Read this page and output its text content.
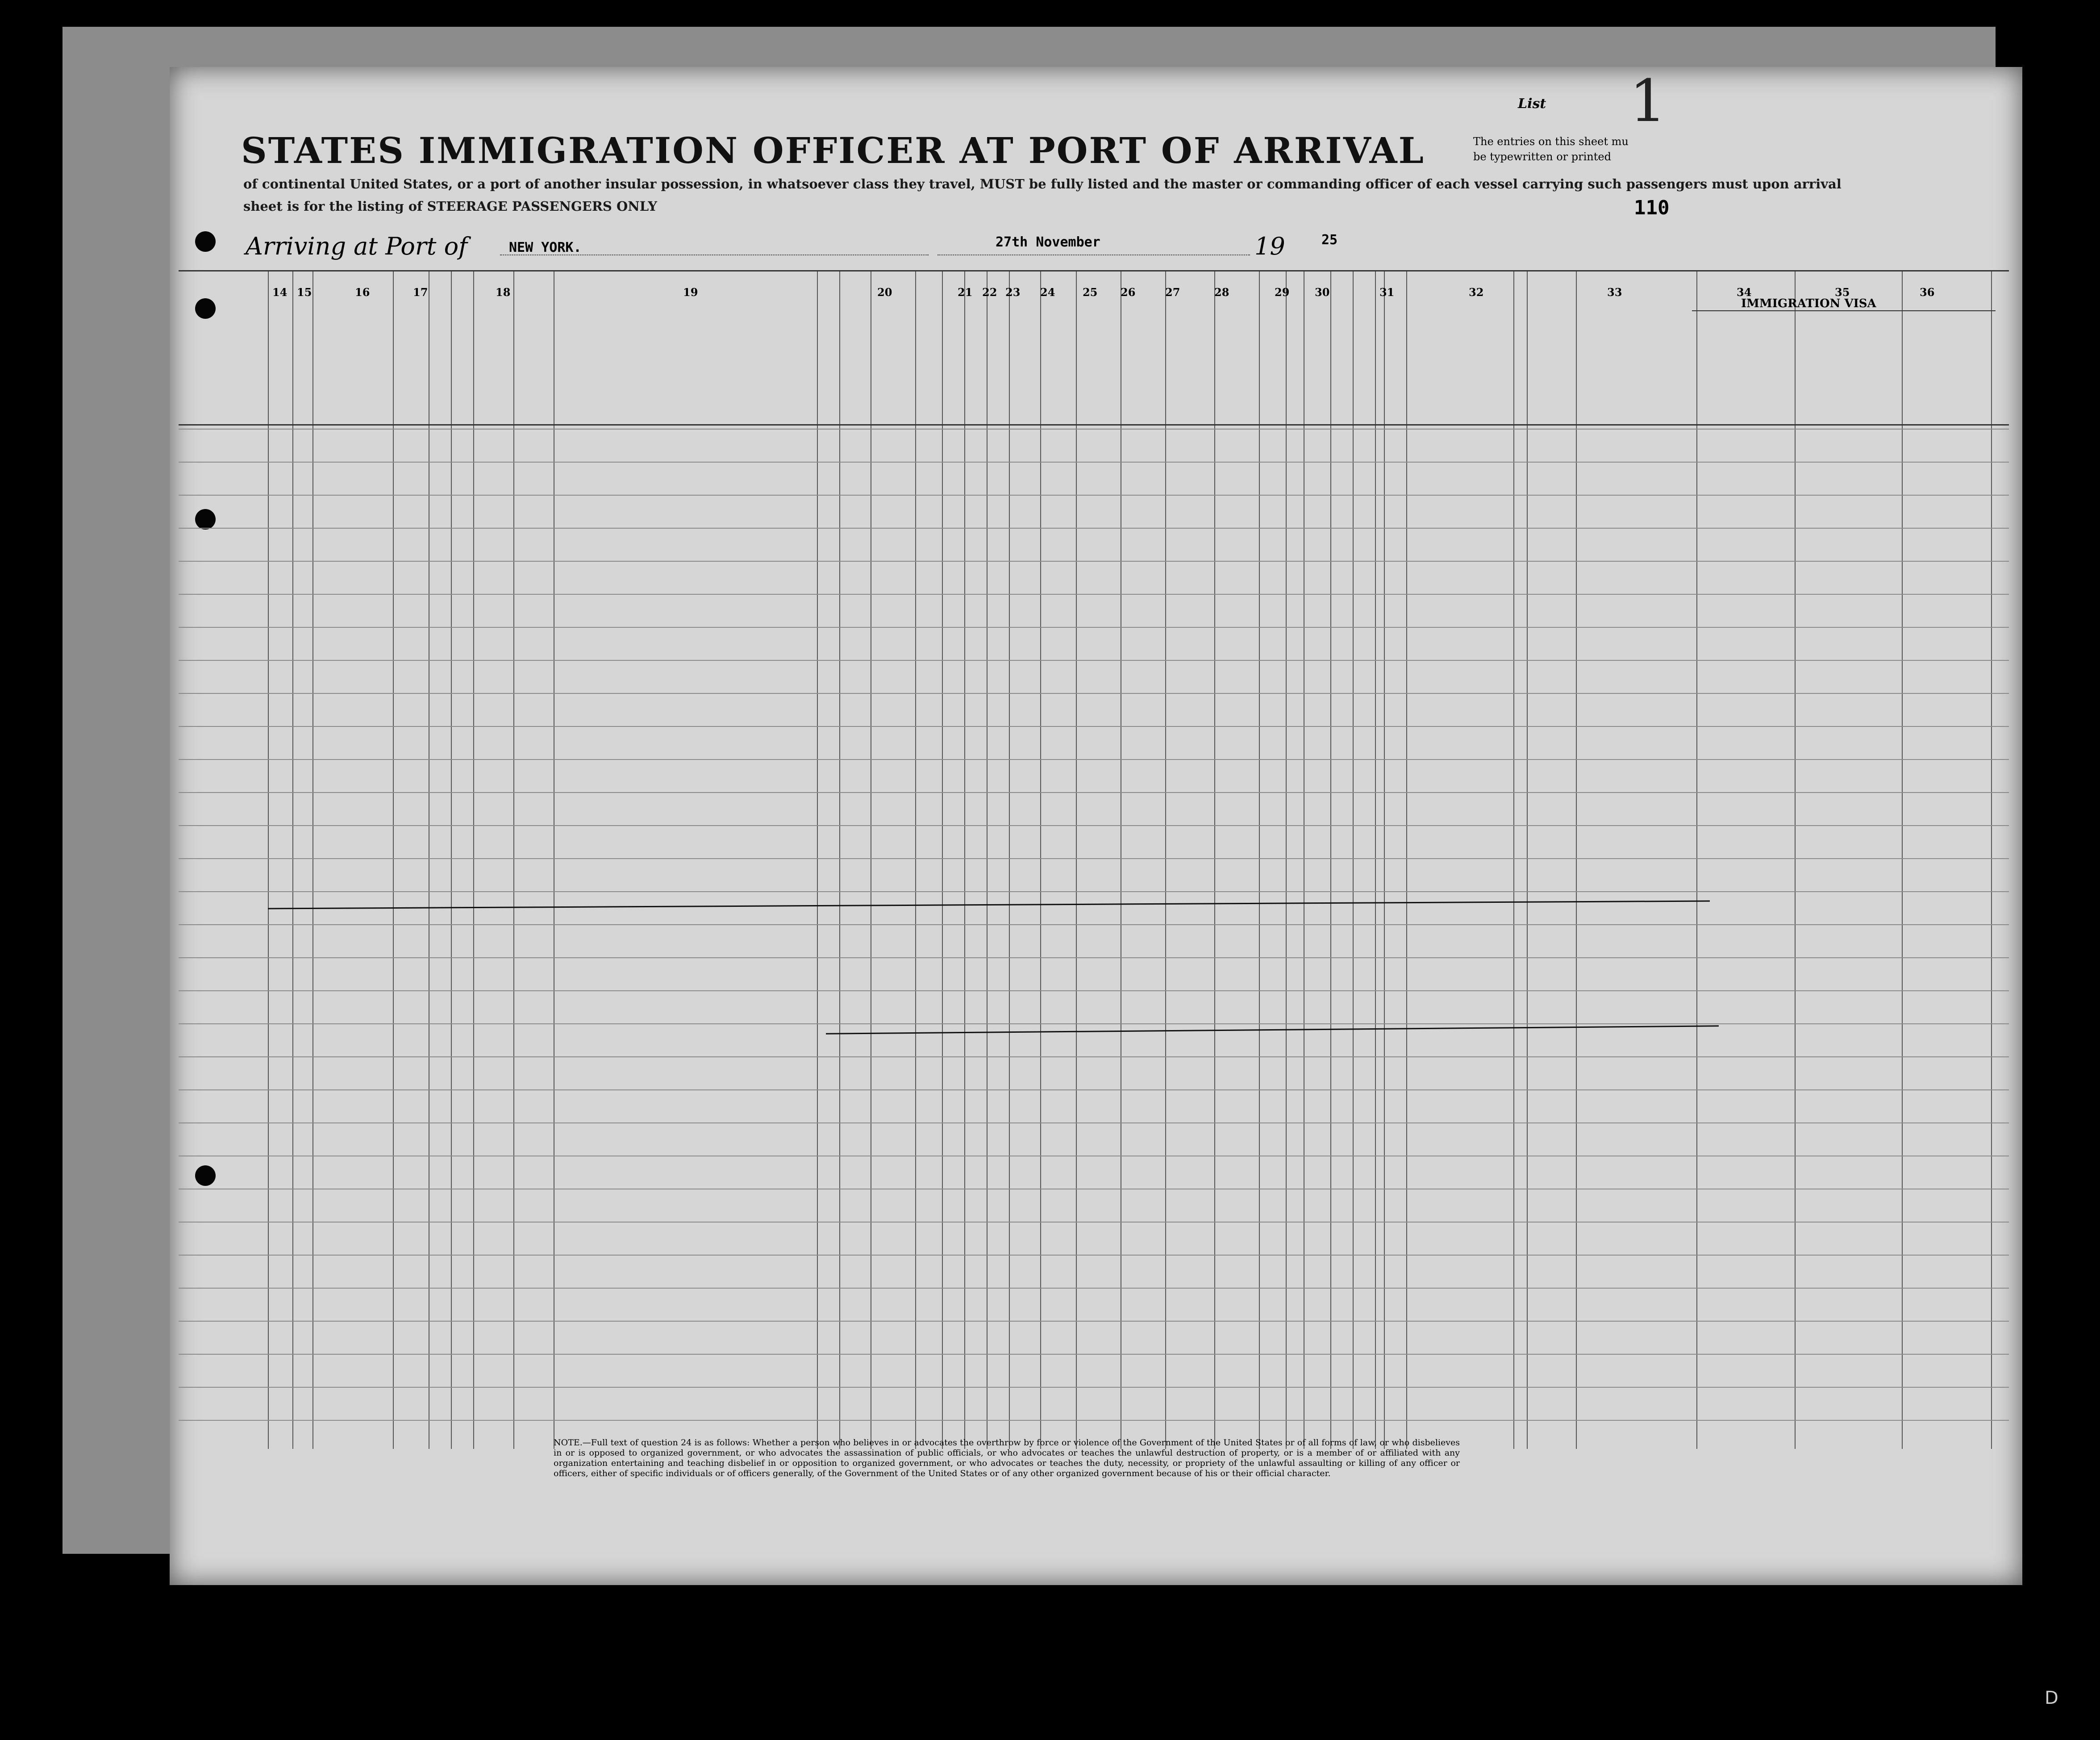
STATES IMMIGRATION OFFICER AT PORT OF ARRIVAL
of continental United States, or a port of another insular possession, in whatsoever class they travel, MUST be fully listed and the master or commanding officer of each vessel carrying such passengers must upon arrival
sheet is for the listing of STEERAGE PASSENGERS ONLY
List 1
The entries on this sheet mu
be typewritten or printed
110
Arriving at Port of	NEW YORK.	27th November	19	25
IMMIGRATION VISA
14 15	16	17	18	19	20	21 22 23 24	25 26	27	28	29 30	31	32	33	34	35	36
NOTE.—Full text of question 24 is as follows: Whether a person who believes in or advocates the overthrow by force or violence of the Government of the United States or of all forms of law, or who disbelieves in or is opposed to organized government, or who advocates the assassination of public officials, or who advocates or teaches the unlawful destruction of property, or is a member of or affiliated with any organization entertaining and teaching disbelief in or opposition to organized government, or who advocates or teaches the duty, necessity, or propriety of the unlawful assaulting or killing of any officer or officers, either of specific individuals or of officers generally, of the Government of the United States or of any other organized government because of his or their official character.
D
